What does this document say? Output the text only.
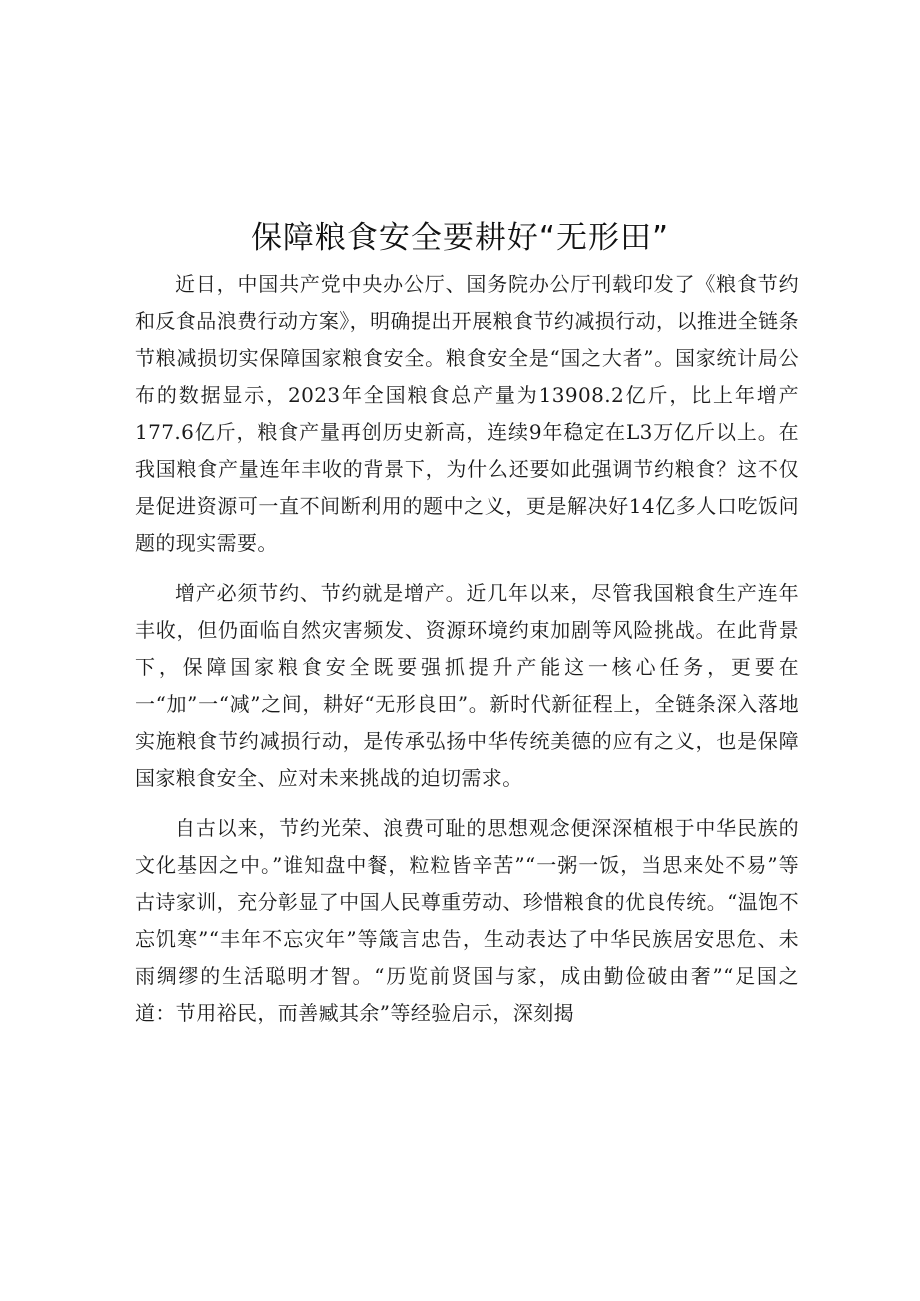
保障粮食安全要耕好“无形田”

近日，中国共产党中央办公厅、国务院办公厅刊载印发了《粮食节约和反食品浪费行动方案》，明确提出开展粮食节约减损行动，以推进全链条节粮减损切实保障国家粮食安全。粮食安全是“国之大者”。国家统计局公布的数据显示，2023年全国粮食总产量为13908.2亿斤，比上年增产177.6亿斤，粮食产量再创历史新高，连续9年稳定在L3万亿斤以上。在我国粮食产量连年丰收的背景下，为什么还要如此强调节约粮食？这不仅是促进资源可一直不间断利用的题中之义，更是解决好14亿多人口吃饭问题的现实需要。

增产必须节约、节约就是增产。近几年以来，尽管我国粮食生产连年丰收，但仍面临自然灾害频发、资源环境约束加剧等风险挑战。在此背景下，保障国家粮食安全既要强抓提升产能这一核心任务，更要在一“加”一“减”之间，耕好“无形良田”。新时代新征程上，全链条深入落地实施粮食节约减损行动，是传承弘扬中华传统美德的应有之义，也是保障国家粮食安全、应对未来挑战的迫切需求。

自古以来，节约光荣、浪费可耻的思想观念便深深植根于中华民族的文化基因之中。”谁知盘中餐，粒粒皆辛苦”“一粥一饭，当思来处不易”等古诗家训，充分彰显了中国人民尊重劳动、珍惜粮食的优良传统。“温饱不忘饥寒”“丰年不忘灾年”等箴言忠告，生动表达了中华民族居安思危、未雨绸缪的生活聪明才智。“历览前贤国与家，成由勤俭破由奢”“足国之道：节用裕民，而善臧其余”等经验启示，深刻揭
